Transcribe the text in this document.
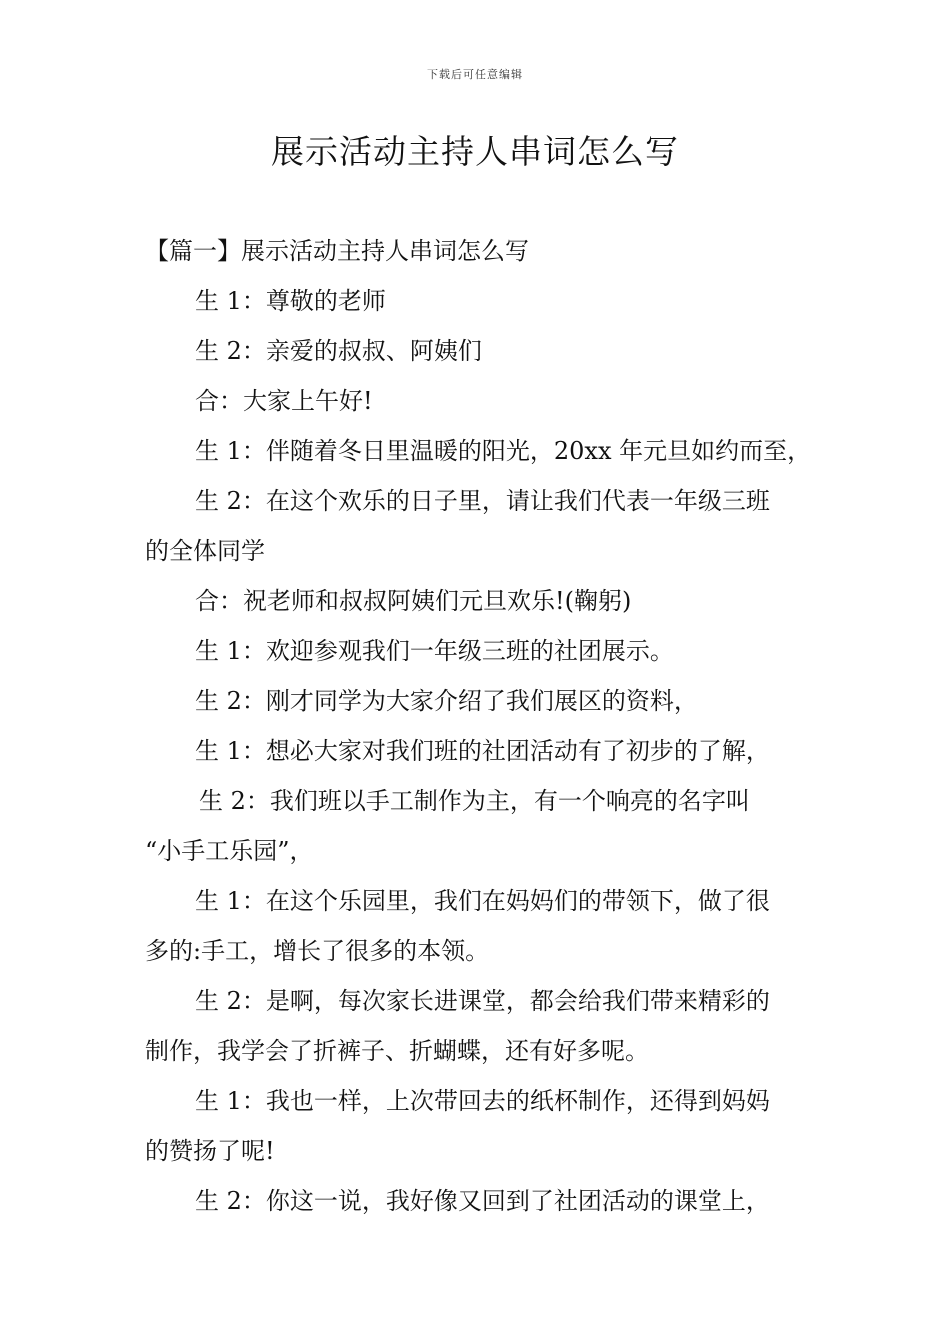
下载后可任意编辑
展示活动主持人串词怎么写

【篇一】展示活动主持人串词怎么写

生 1：尊敬的老师

生 2：亲爱的叔叔、阿姨们

合：大家上午好!

生 1：伴随着冬日里温暖的阳光，20xx 年元旦如约而至，

生 2：在这个欢乐的日子里，请让我们代表一年级三班

的全体同学

合：祝老师和叔叔阿姨们元旦欢乐!(鞠躬)

生 1：欢迎参观我们一年级三班的社团展示。

生 2：刚才同学为大家介绍了我们展区的资料，

生 1：想必大家对我们班的社团活动有了初步的了解，

生 2：我们班以手工制作为主，有一个响亮的名字叫

“小手工乐园”，

生 1：在这个乐园里，我们在妈妈们的带领下，做了很

多的:手工，增长了很多的本领。

生 2：是啊，每次家长进课堂，都会给我们带来精彩的

制作，我学会了折裤子、折蝴蝶，还有好多呢。

生 1：我也一样，上次带回去的纸杯制作，还得到妈妈

的赞扬了呢!

生 2：你这一说，我好像又回到了社团活动的课堂上，
